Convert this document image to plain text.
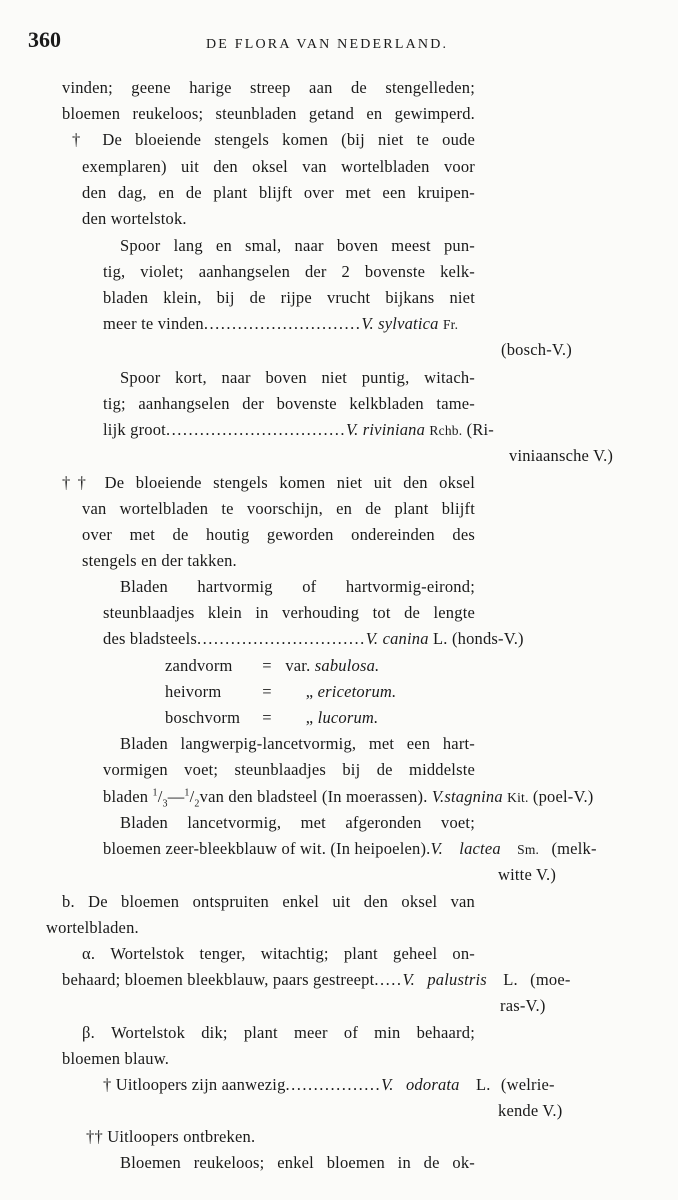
360	DE FLORA VAN NEDERLAND.
vinden; geene harige streep aan de stengelleden;
bloemen reukeloos; steunbladen getand en gewimperd.
† De bloeiende stengels komen (bij niet te oude
exemplaren) uit den oksel van wortelbladen voor
den dag, en de plant blijft over met een kruipen-
den wortelstok.
Spoor lang en smal, naar boven meest pun-
tig, violet; aanhangselen der 2 bovenste kelk-
bladen klein, bij de rijpe vrucht bijkans niet
meer te vinden............................V. sylvatica Fr.
(bosch-V.)
Spoor kort, naar boven niet puntig, witach-
tig; aanhangselen der bovenste kelkbladen tame-
lijk groot................................V. riviniana Rchb. (Ri-
viniaansche V.)
†† De bloeiende stengels komen niet uit den oksel
van wortelbladen te voorschijn, en de plant blijft
over met de houtig geworden ondereinden des
stengels en der takken.
Bladen hartvormig of hartvormig-eirond;
steunblaadjes klein in verhouding tot de lengte
des bladsteels..............................V. canina L. (honds-V.)
zandvorm = var. sabulosa.
heivorm = „ ericetorum.
boschvorm = „ lucorum.
Bladen langwerpig-lancetvormig, met een hart-
vormigen voet; steunblaadjes bij de middelste
bladen $^1/_3—^1/_2van$ den bladsteel (In moerassen). V.stagnina Kit. (poel-V.)
Bladen lancetvormig, met afgeronden voet;
bloemen zeer-bleekblauw of wit. (In heipoelen).V. lactea Sm. (melk-
witte V.)
b. De bloemen ontspruiten enkel uit den oksel van
wortelbladen.
α. Wortelstok tenger, witachtig; plant geheel on-
behaard; bloemen bleekblauw, paars gestreept.....V. palustris L. (moe-
ras-V.)
β. Wortelstok dik; plant meer of min behaard;
bloemen blauw.
† Uitloopers zijn aanwezig.................V. odorata L. (welrie-
kende V.)
†† Uitloopers ontbreken.
Bloemen reukeloos; enkel bloemen in de ok-
